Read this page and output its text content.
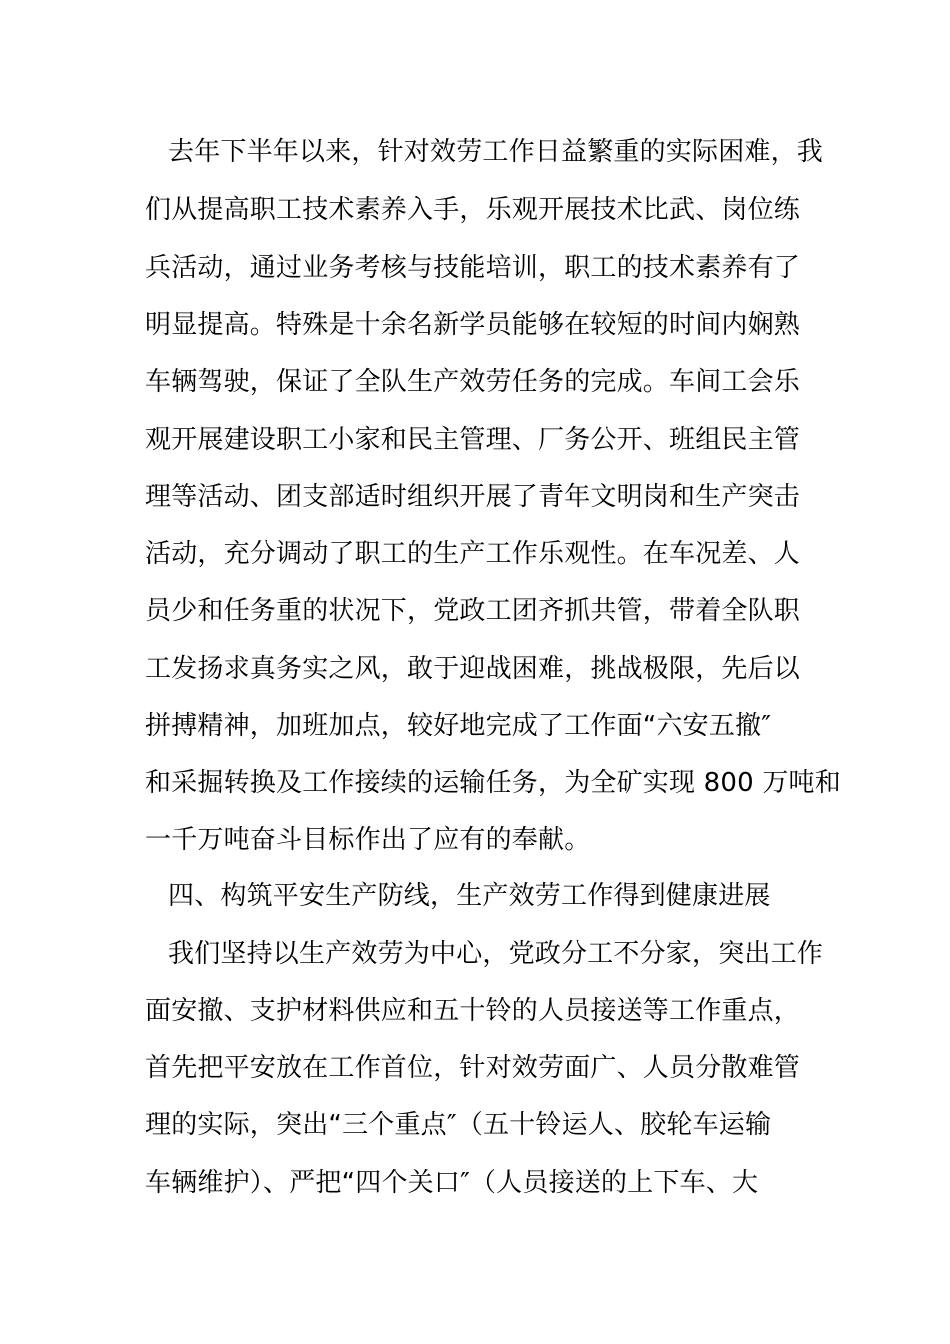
去年下半年以来，针对效劳工作日益繁重的实际困难，我
们从提高职工技术素养入手，乐观开展技术比武、岗位练
兵活动，通过业务考核与技能培训，职工的技术素养有了
明显提高。特殊是十余名新学员能够在较短的时间内娴熟
车辆驾驶，保证了全队生产效劳任务的完成。车间工会乐
观开展建设职工小家和民主管理、厂务公开、班组民主管
理等活动、团支部适时组织开展了青年文明岗和生产突击
活动，充分调动了职工的生产工作乐观性。在车况差、人
员少和任务重的状况下，党政工团齐抓共管，带着全队职
工发扬求真务实之风，敢于迎战困难，挑战极限，先后以
拼搏精神，加班加点，较好地完成了工作面“六安五撤″
和采掘转换及工作接续的运输任务，为全矿实现 800 万吨和
一千万吨奋斗目标作出了应有的奉献。
四、构筑平安生产防线，生产效劳工作得到健康进展
我们坚持以生产效劳为中心，党政分工不分家，突出工作
面安撤、支护材料供应和五十铃的人员接送等工作重点，
首先把平安放在工作首位，针对效劳面广、人员分散难管
理的实际，突出“三个重点″（五十铃运人、胶轮车运输
车辆维护）、严把“四个关口″（人员接送的上下车、大
